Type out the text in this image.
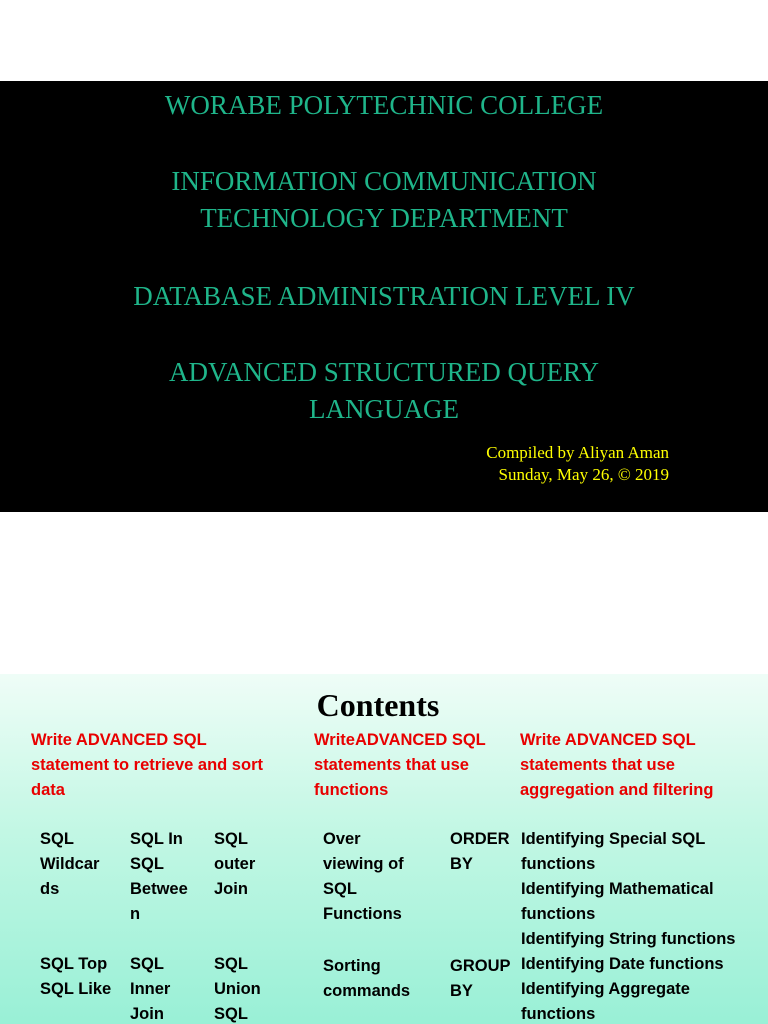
WORABE POLYTECHNIC COLLEGE
INFORMATION COMMUNICATION
TECHNOLOGY DEPARTMENT
DATABASE ADMINISTRATION LEVEL IV
ADVANCED STRUCTURED QUERY
LANGUAGE
Compiled by Aliyan Aman
Sunday, May 26, © 2019
Contents
Write ADVANCED SQL
statement to retrieve and sort
data
WriteADVANCED SQL
statements that use
functions
Write ADVANCED SQL
statements that use
aggregation and filtering
SQL
Wildcar
ds
SQL In
SQL
Betwee
n
SQL
outer
Join
Over
viewing of
SQL
Functions
ORDER
BY
Identifying Special SQL
functions
Identifying Mathematical
functions
Identifying String functions
Identifying Date functions
Identifying Aggregate
functions
SQL Top
SQL Like
SQL
Inner
Join
SQL
Union
SQL
Sorting
commands
GROUP
BY
